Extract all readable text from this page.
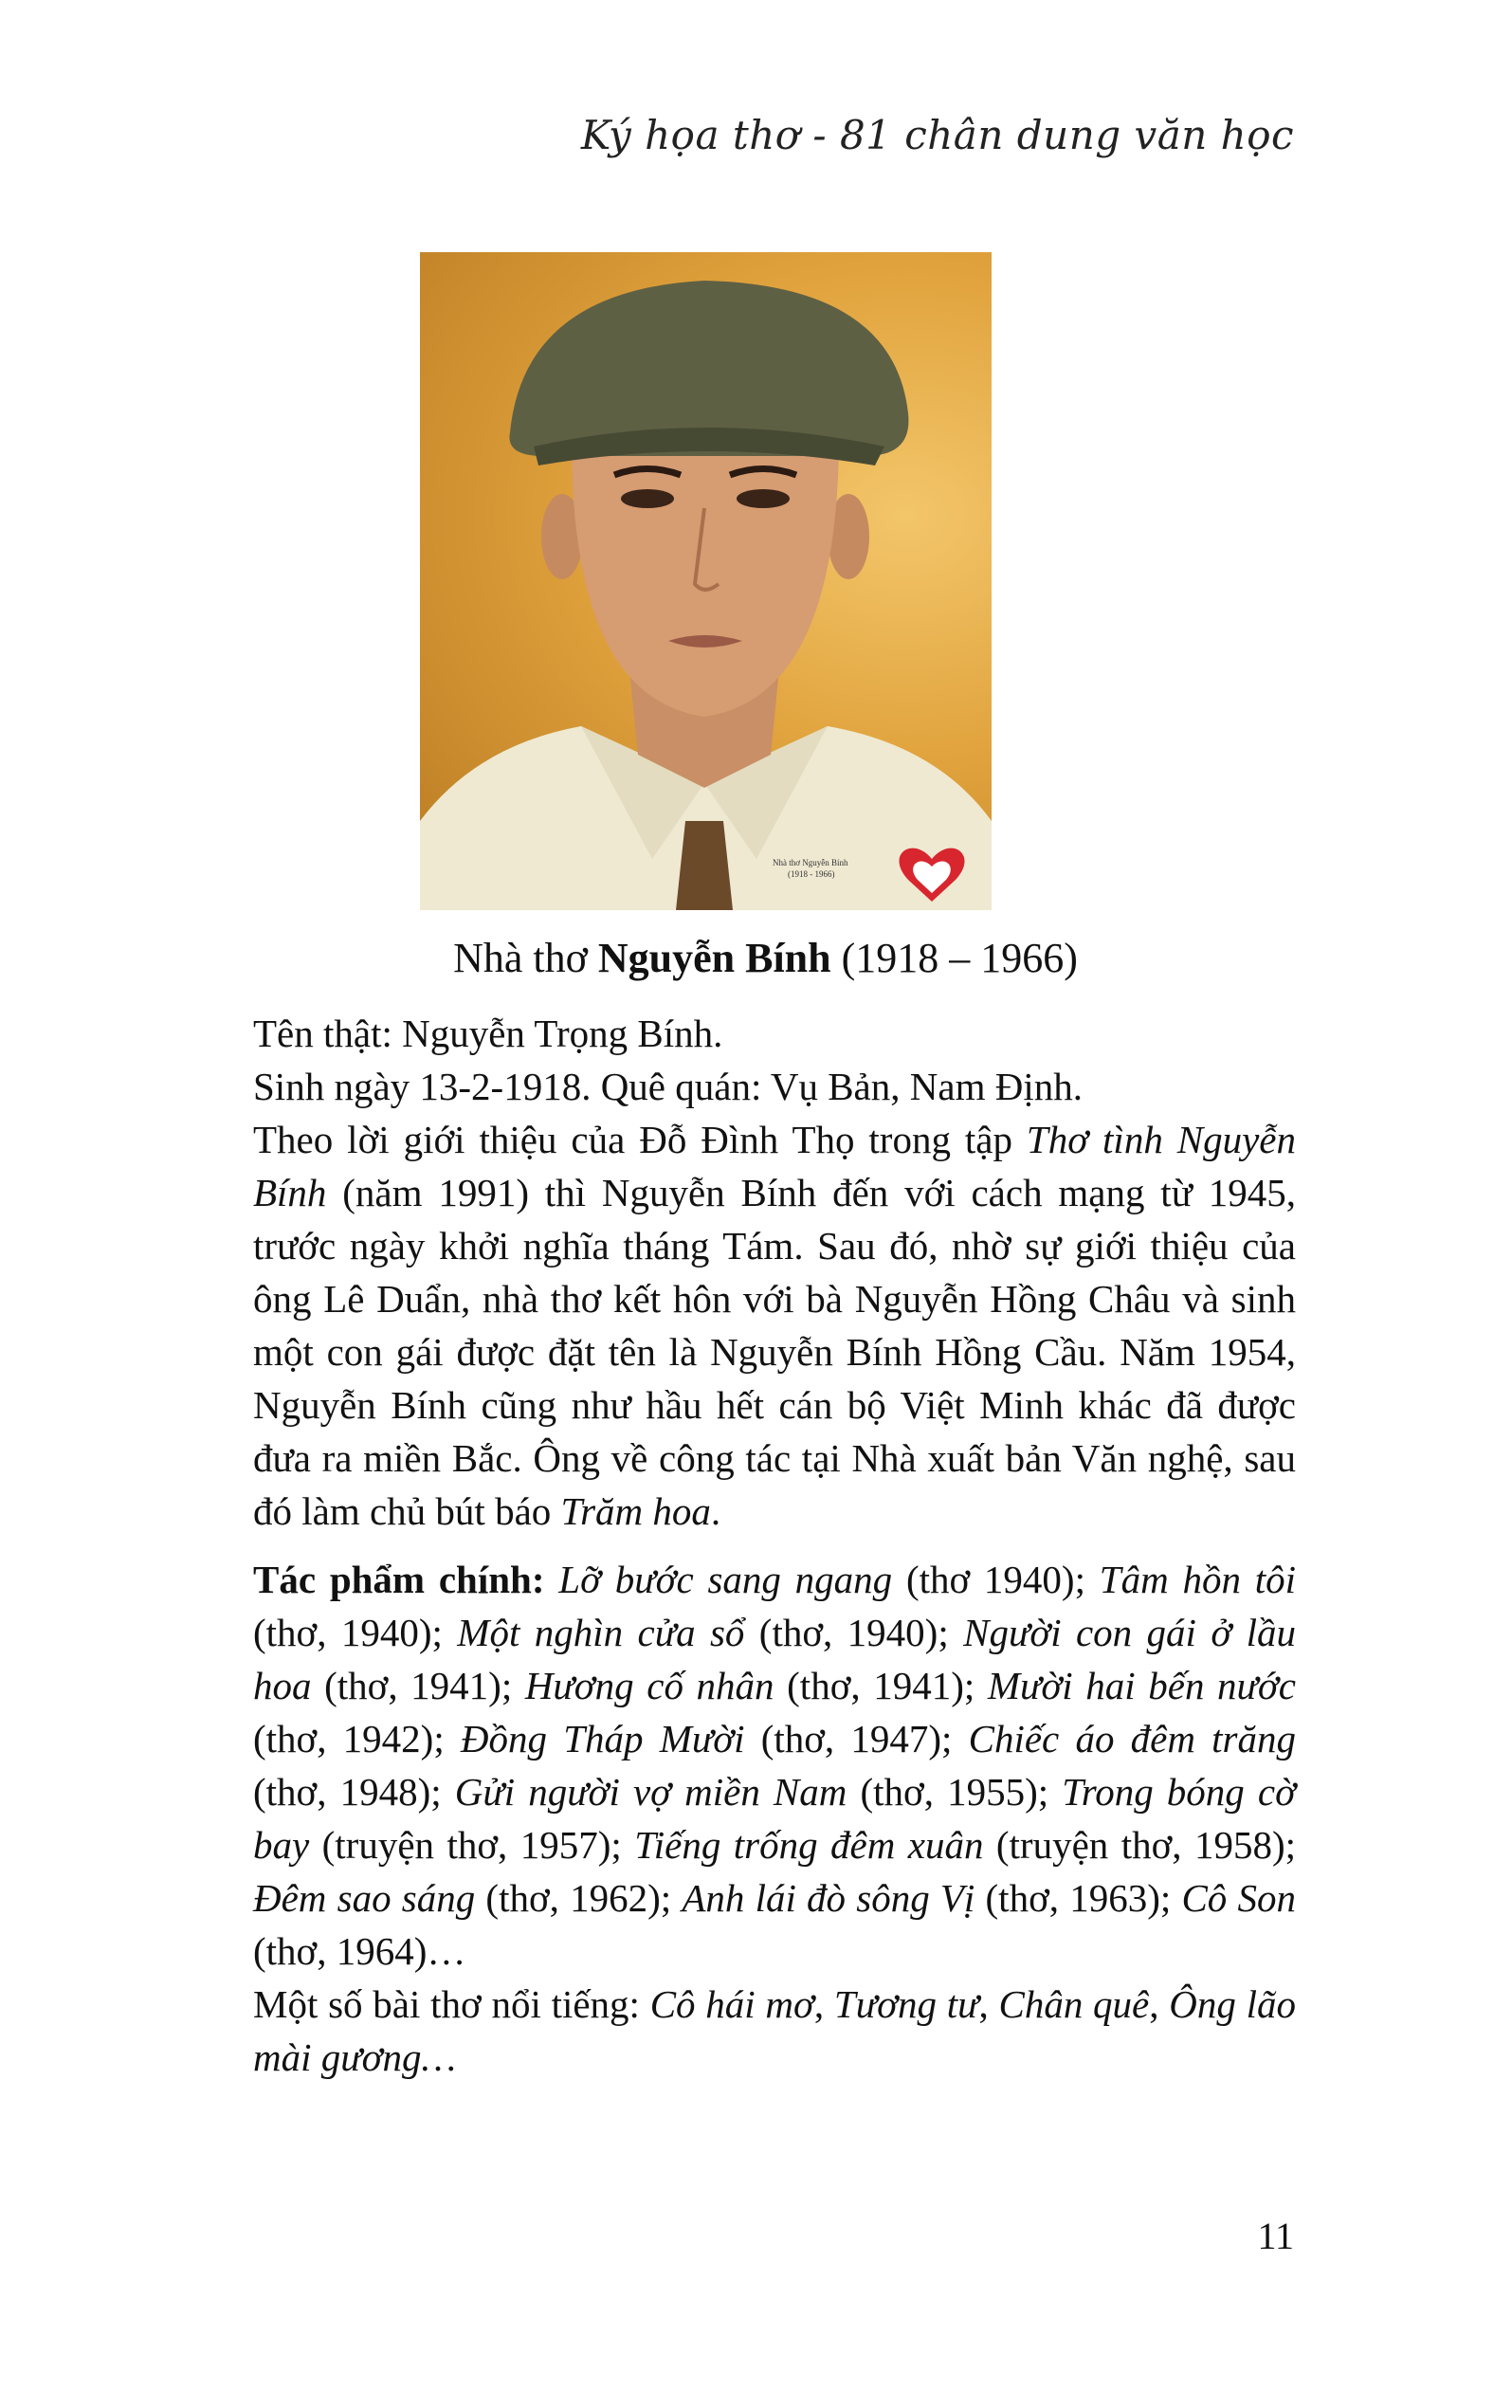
Ký họa thơ - 81 chân dung văn học
Nhà thơ Nguyễn Bính
(1918 - 1966)
Nhà thơ Nguyễn Bính (1918 – 1966)

Tên thật: Nguyễn Trọng Bính.

Sinh ngày 13-2-1918. Quê quán: Vụ Bản, Nam Định.

Theo lời giới thiệu của Đỗ Đình Thọ trong tập Thơ tình Nguyễn Bính (năm 1991) thì Nguyễn Bính đến với cách mạng từ 1945, trước ngày khởi nghĩa tháng Tám. Sau đó, nhờ sự giới thiệu của ông Lê Duẩn, nhà thơ kết hôn với bà Nguyễn Hồng Châu và sinh một con gái được đặt tên là Nguyễn Bính Hồng Cầu. Năm 1954, Nguyễn Bính cũng như hầu hết cán bộ Việt Minh khác đã được đưa ra miền Bắc. Ông về công tác tại Nhà xuất bản Văn nghệ, sau đó làm chủ bút báo Trăm hoa.

Tác phẩm chính: Lỡ bước sang ngang (thơ 1940); Tâm hồn tôi (thơ, 1940); Một nghìn cửa sổ (thơ, 1940); Người con gái ở lầu hoa (thơ, 1941); Hương cố nhân (thơ, 1941); Mười hai bến nước (thơ, 1942); Đồng Tháp Mười (thơ, 1947); Chiếc áo đêm trăng (thơ, 1948); Gửi người vợ miền Nam (thơ, 1955); Trong bóng cờ bay (truyện thơ, 1957); Tiếng trống đêm xuân (truyện thơ, 1958); Đêm sao sáng (thơ, 1962); Anh lái đò sông Vị (thơ, 1963); Cô Son (thơ, 1964)…

Một số bài thơ nổi tiếng: Cô hái mơ, Tương tư, Chân quê, Ông lão mài gương…

11
